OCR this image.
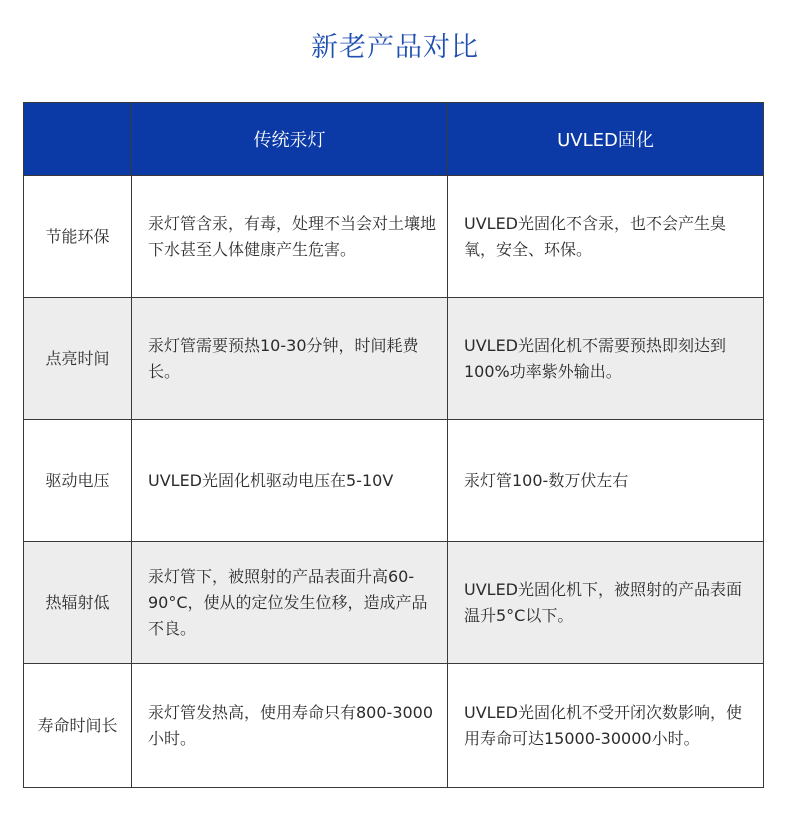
新老产品对比
	传统汞灯	UVLED固化
节能环保	汞灯管含汞，有毒，处理不当会对土壤地下水甚至人体健康产生危害。	UVLED光固化不含汞，也不会产生臭氧，安全、环保。
点亮时间	汞灯管需要预热10-30分钟，时间耗费长。	UVLED光固化机不需要预热即刻达到100%功率紫外输出。
驱动电压	UVLED光固化机驱动电压在5-10V	汞灯管100-数万伏左右
热辐射低	汞灯管下，被照射的产品表面升高60-90°C，使从的定位发生位移，造成产品不良。	UVLED光固化机下，被照射的产品表面温升5°C以下。
寿命时间长	汞灯管发热高，使用寿命只有800-3000小时。	UVLED光固化机不受开闭次数影响，使用寿命可达15000-30000小时。
